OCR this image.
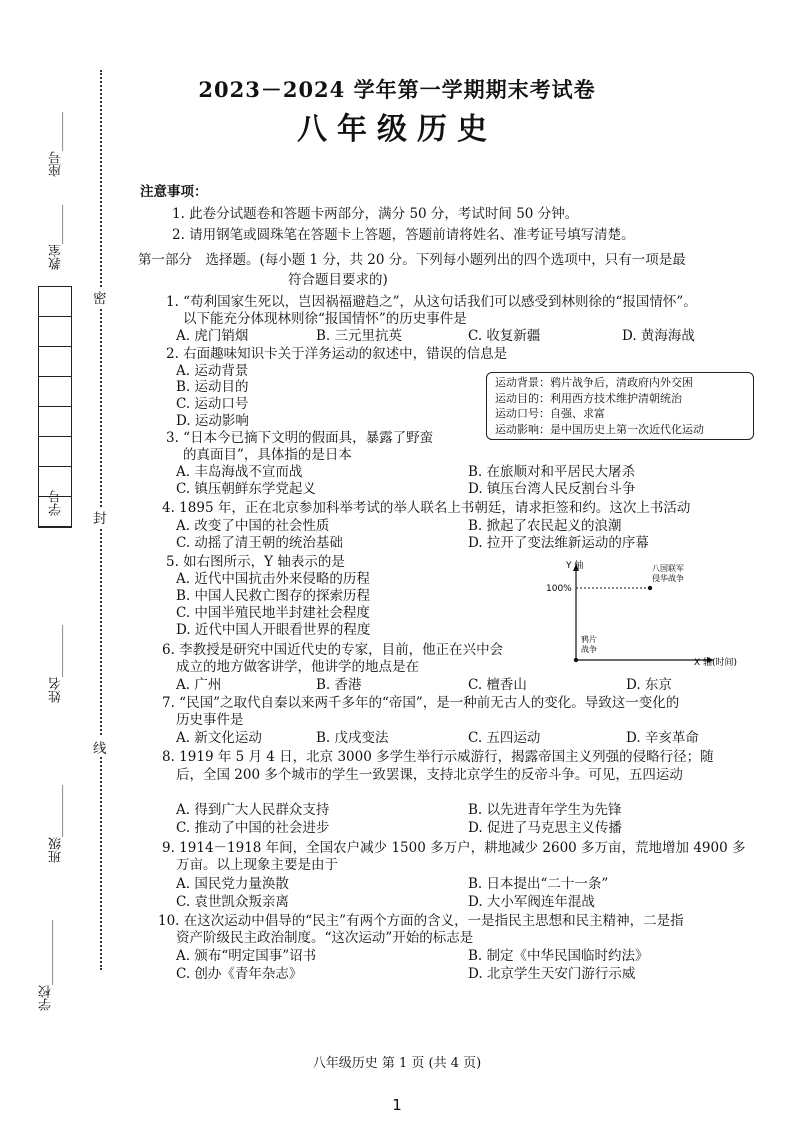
座号______
教室______
学号
姓名________
班级________
学校__________
密
封
线
2023－2024 学年第一学期期末考试卷
八年级历史
注意事项：
1. 此卷分试题卷和答题卡两部分，满分 50 分，考试时间 50 分钟。
2. 请用钢笔或圆珠笔在答题卡上答题，答题前请将姓名、准考证号填写清楚。
第一部分　选择题。(每小题 1 分，共 20 分。下列每小题列出的四个选项中，只有一项是最
符合题目要求的)
1. “苟利国家生死以，岂因祸福避趋之”，从这句话我们可以感受到林则徐的“报国情怀”。
以下能充分体现林则徐“报国情怀”的历史事件是
A. 虎门销烟	B. 三元里抗英	C. 收复新疆	D. 黄海海战
2. 右面趣味知识卡关于洋务运动的叙述中，错误的信息是
A. 运动背景
B. 运动目的
C. 运动口号
D. 运动影响
运动背景：鸦片战争后，清政府内外交困
运动目的：利用西方技术维护清朝统治
运动口号：自强、求富
运动影响：是中国历史上第一次近代化运动
3. “日本今已摘下文明的假面具，暴露了野蛮
的真面目”，具体指的是日本
A. 丰岛海战不宣而战	B. 在旅顺对和平居民大屠杀
C. 镇压朝鲜东学党起义	D. 镇压台湾人民反割台斗争
4. 1895 年，正在北京参加科举考试的举人联名上书朝廷，请求拒签和约。这次上书活动
A. 改变了中国的社会性质	B. 掀起了农民起义的浪潮
C. 动摇了清王朝的统治基础	D. 拉开了变法维新运动的序幕
5. 如右图所示，Y 轴表示的是
A. 近代中国抗击外来侵略的历程
B. 中国人民救亡图存的探索历程
C. 中国半殖民地半封建社会程度
D. 近代中国人开眼看世界的程度
Y 轴
100%
鸦片
战争
八国联军
侵华战争
X 轴(时间)
6. 李教授是研究中国近代史的专家，目前，他正在兴中会
成立的地方做客讲学，他讲学的地点是在
A. 广州	B. 香港	C. 檀香山	D. 东京
7. “民国”之取代自秦以来两千多年的“帝国”，是一种前无古人的变化。导致这一变化的
历史事件是
A. 新文化运动	B. 戊戌变法	C. 五四运动	D. 辛亥革命
8. 1919 年 5 月 4 日，北京 3000 多学生举行示威游行，揭露帝国主义列强的侵略行径；随
后，全国 200 多个城市的学生一致罢课，支持北京学生的反帝斗争。可见，五四运动
A. 得到广大人民群众支持	B. 以先进青年学生为先锋
C. 推动了中国的社会进步	D. 促进了马克思主义传播
9. 1914－1918 年间，全国农户减少 1500 多万户，耕地减少 2600 多万亩，荒地增加 4900 多
万亩。以上现象主要是由于
A. 国民党力量涣散	B. 日本提出“二十一条”
C. 袁世凯众叛亲离	D. 大小军阀连年混战
10. 在这次运动中倡导的“民主”有两个方面的含义，一是指民主思想和民主精神，二是指
资产阶级民主政治制度。“这次运动”开始的标志是
A. 颁布“明定国事”诏书	B. 制定《中华民国临时约法》
C. 创办《青年杂志》	D. 北京学生天安门游行示威
八年级历史 第 1 页 (共 4 页)
1
